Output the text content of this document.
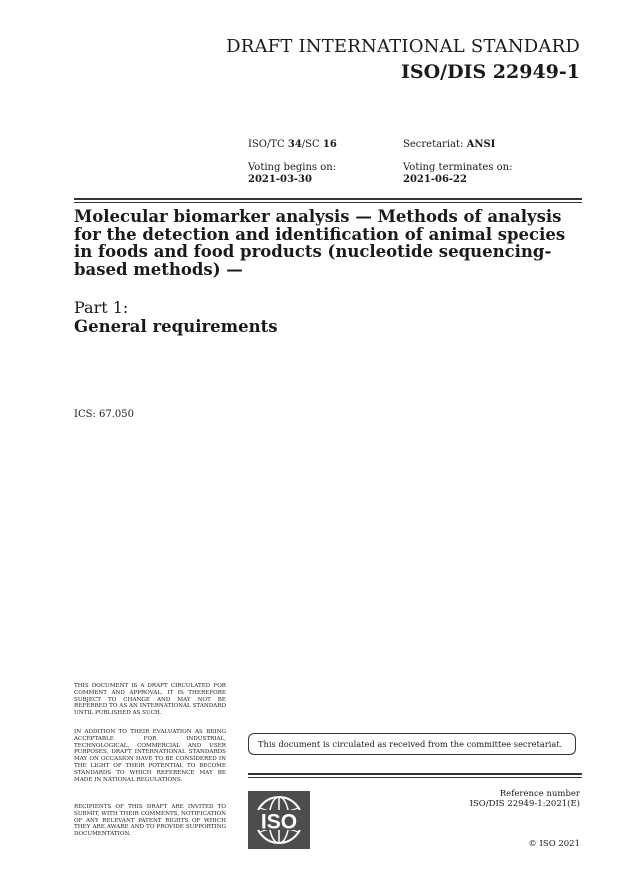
DRAFT INTERNATIONAL STANDARD
ISO/DIS 22949-1
ISO/TC 34/SC 16	Secretariat: ANSI
Voting begins on:
2021-03-30
Voting terminates on:
2021-06-22
Molecular biomarker analysis — Methods of analysis for the detection and identification of animal species in foods and food products (nucleotide sequencing-based methods) —
Part 1:
General requirements
ICS: 67.050
THIS DOCUMENT IS A DRAFT CIRCULATED FOR COMMENT AND APPROVAL. IT IS THEREFORE SUBJECT TO CHANGE AND MAY NOT BE REFERRED TO AS AN INTERNATIONAL STANDARD UNTIL PUBLISHED AS SUCH.
IN ADDITION TO THEIR EVALUATION AS BEING ACCEPTABLE FOR INDUSTRIAL, TECHNOLOGICAL, COMMERCIAL AND USER PURPOSES, DRAFT INTERNATIONAL STANDARDS MAY ON OCCASION HAVE TO BE CONSIDERED IN THE LIGHT OF THEIR POTENTIAL TO BECOME STANDARDS TO WHICH REFERENCE MAY BE MADE IN NATIONAL REGULATIONS.
RECIPIENTS OF THIS DRAFT ARE INVITED TO SUBMIT, WITH THEIR COMMENTS, NOTIFICATION OF ANY RELEVANT PATENT RIGHTS OF WHICH THEY ARE AWARE AND TO PROVIDE SUPPORTING DOCUMENTATION.
This document is circulated as received from the committee secretariat.
ISO
Reference number
ISO/DIS 22949-1:2021(E)
© ISO 2021
